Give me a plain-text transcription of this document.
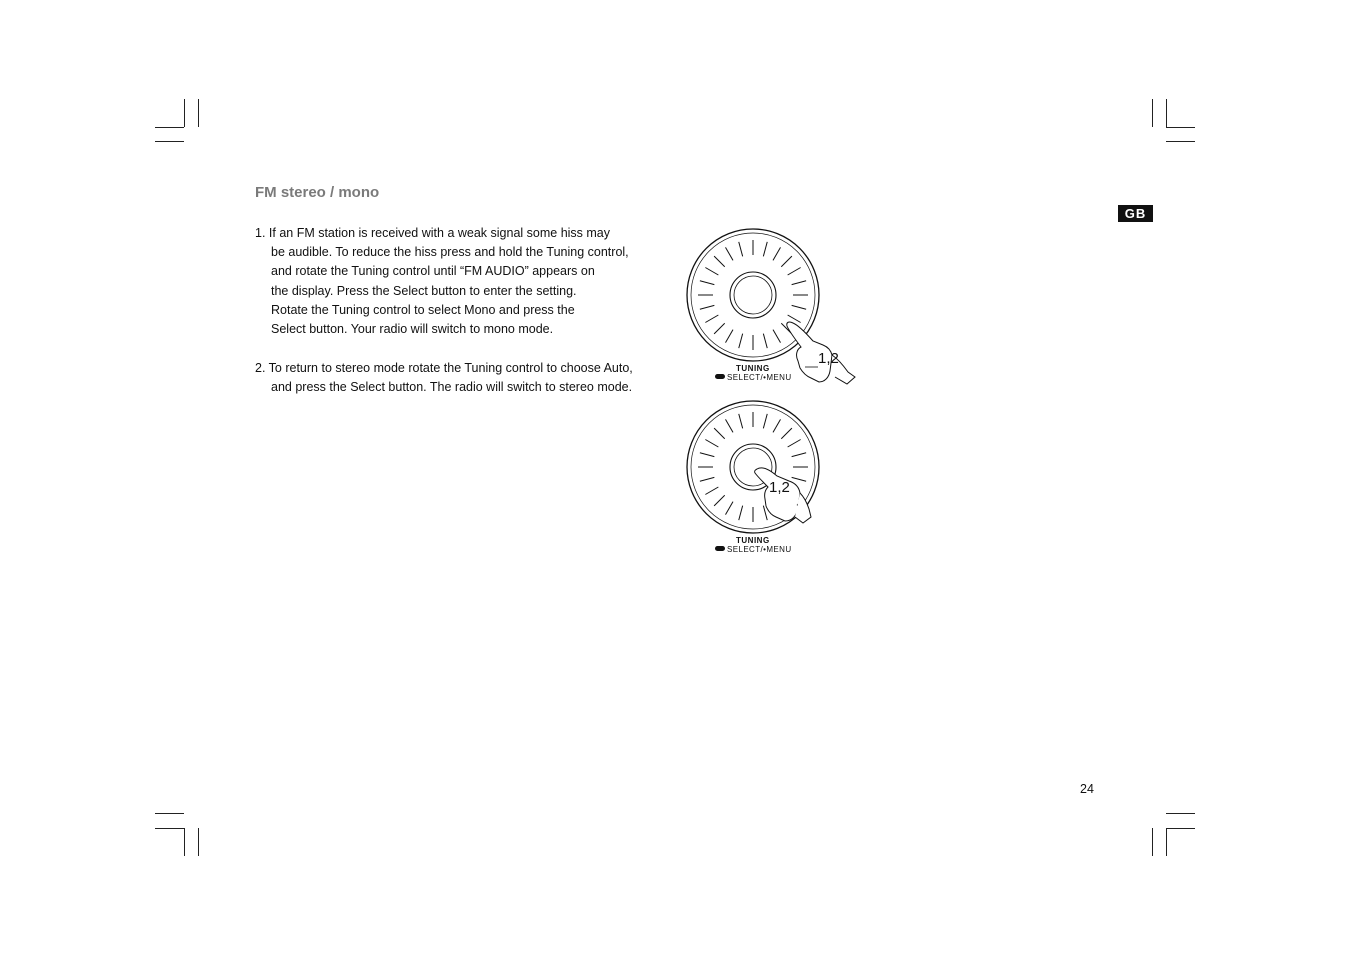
FM stereo / mono
1. If an FM station is received with a weak signal some hiss may
be audible. To reduce the hiss press and hold the Tuning control,
and rotate the Tuning control until “FM AUDIO” appears on
the display. Press the Select button to enter the setting.
Rotate the Tuning control to select Mono and press the
Select button. Your radio will switch to mono mode.
2. To return to stereo mode rotate the Tuning control to choose Auto,
and press the Select button. The radio will switch to stereo mode.
1,2
TUNING
SELECT/•MENU
1,2
TUNING
SELECT/•MENU
GB
24
